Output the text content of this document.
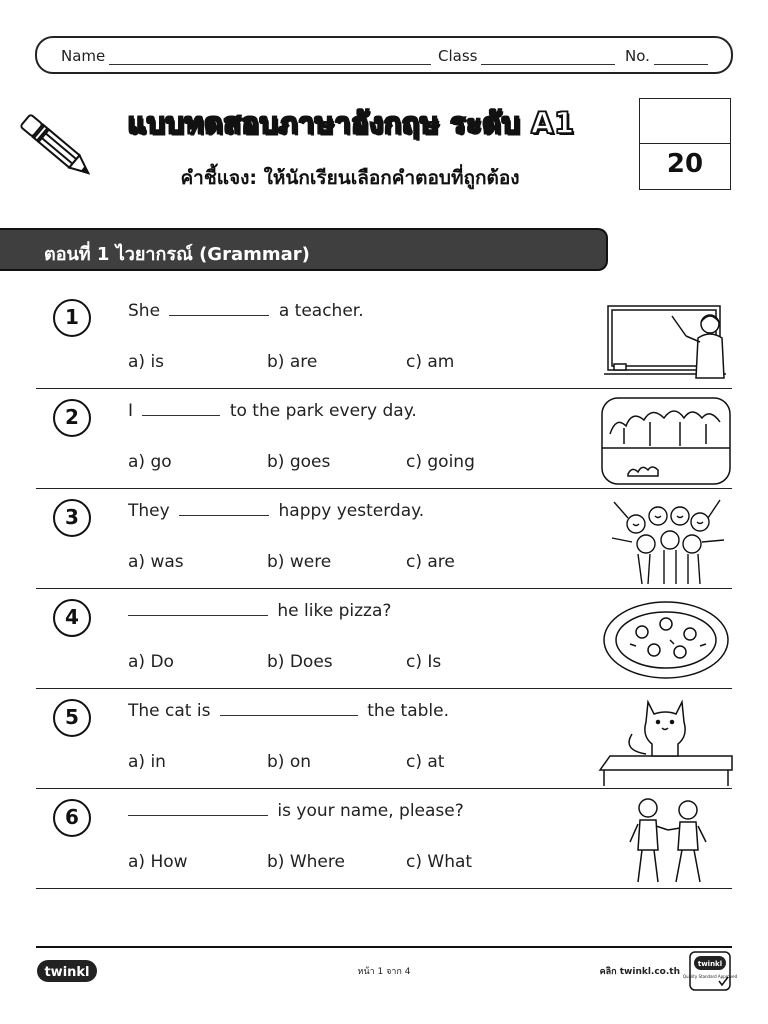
Name	Class	No.
แบบทดสอบภาษาอังกฤษ ระดับ A1
คำชี้แจง: ให้นักเรียนเลือกคำตอบที่ถูกต้อง	20
ตอนที่ 1 ไวยากรณ์ (Grammar)
1	She	a teacher.
a) is	b) are	c) am
2	I	to the park every day.
a) go	b) goes	c) going
3	They	happy yesterday.
a) was	b) were	c) are
4	he like pizza?
a) Do	b) Does	c) Is
5	The cat is	the table.
a) in	b) on	c) at
6	is your name, please?
a) How	b) Where	c) What
twinkl	หน้า 1 จาก 4	คลิก twinkl.co.th
twinkl
Quality Standard Approved
